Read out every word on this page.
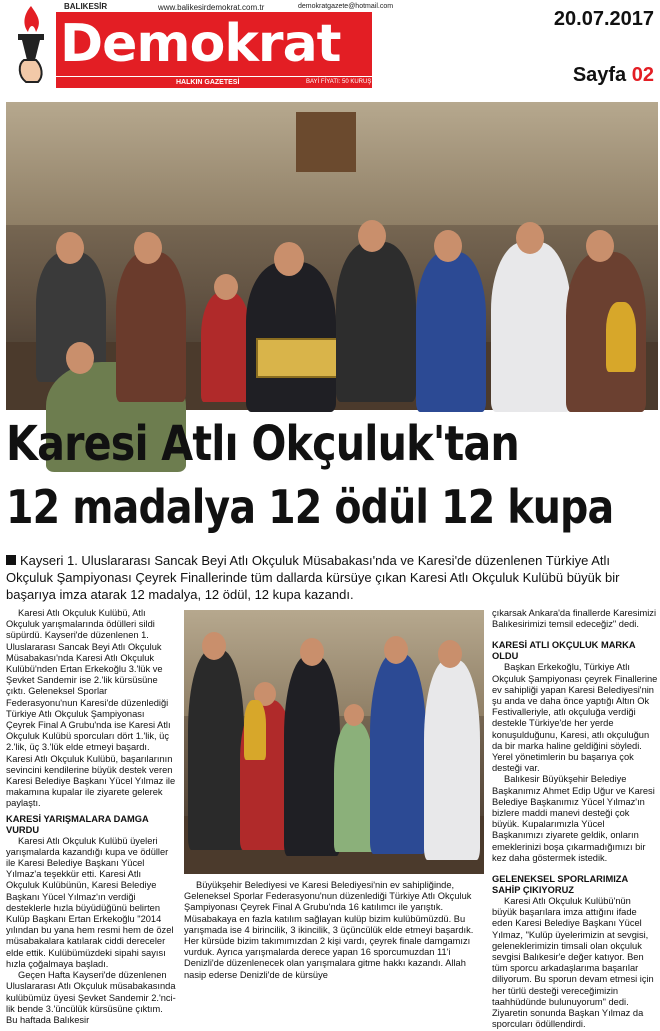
BALIKESİR	www.balikesirdemokrat.com.tr	demokratgazete@hotmail.com
Demokrat
HALKIN GAZETESİ	BAYİ FİYATI: 50 KURUŞ
20.07.2017
Sayfa 02
Karesi Atlı Okçuluk'tan
12 madalya 12 ödül 12 kupa
Kayseri 1. Uluslararası Sancak Beyi Atlı Okçuluk Müsabakası'nda ve Karesi'de düzenlenen Türkiye Atlı Okçuluk Şampiyonası Çeyrek Finallerinde tüm dallarda kürsüye çıkan Karesi Atlı Okçuluk Kulübü büyük bir başarıya imza atarak 12 madalya, 12 ödül, 12 kupa kazandı.

Karesi Atlı Okçuluk Kulübü, Atlı Okçuluk yarışmalarında ödülleri sildi süpürdü. Kayseri'de düzenlenen 1. Uluslararası Sancak Beyi Atlı Okçuluk Müsabakası'nda Karesi Atlı Okçuluk Kulübü'nden Ertan Erkekoğlu 3.'lük ve Şevket Sandemir ise 2.'lik kürsüsüne çıktı. Geleneksel Sporlar Federasyonu'nun Karesi'de düzenlediği Türkiye Atlı Okçuluk Şampiyonası Çeyrek Final A Grubu'nda ise Karesi Atlı Okçuluk Kulübü sporcuları dört 1.'lik, üç 2.'lik, üç 3.'lük elde etmeyi başardı. Karesi Atlı Okçuluk Kulübü, başarılarının sevincini kendilerine büyük destek veren Karesi Belediye Başkanı Yücel Yılmaz ile makamına kupalar ile ziyarete gelerek paylaştı.

KARESİ YARIŞMALARA DAMGA VURDU

Karesi Atlı Okçuluk Kulübü üyeleri yarışmalarda kazandığı kupa ve ödüller ile Karesi Belediye Başkanı Yücel Yılmaz'a teşekkür etti. Karesi Atlı Okçuluk Kulübünün, Karesi Belediye Başkanı Yücel Yılmaz'ın verdiği desteklerle hızla büyüdüğünü belirten Kulüp Başkanı Ertan Erkekoğlu "2014 yılından bu yana hem resmi hem de özel müsabakalara katılarak ciddi dereceler elde ettik. Kulübümüzdeki sipahi sayısı hızla çoğalmaya başladı.

Geçen Hafta Kayseri'de düzenlenen Uluslararası Atlı Okçuluk müsabakasında kulübümüz üyesi Şevket Sandemir 2.'ncilik bende 3.'üncülük kürsüsüne çıktım. Bu haftada Balıkesir

Büyükşehir Belediyesi ve Karesi Belediyesi'nin ev sahipliğinde, Geleneksel Sporlar Federasyonu'nun düzenlediği Türkiye Atlı Okçuluk Şampiyonası Çeyrek Final A Grubu'nda 16 katılımcı ile yarıştık. Müsabakaya en fazla katılım sağlayan kulüp bizim kulübümüzdü. Bu yarışmada ise 4 birincilik, 3 ikincilik, 3 üçüncülük elde etmeyi başardık. Her kürsüde bizim takımımızdan 2 kişi vardı, çeyrek finale damgamızı vurduk. Ayrıca yarışmalarda derece yapan 16 sporcumuzdan 11'i Denizli'de düzenlenecek olan yarışmalara gitme hakkı kazandı. Allah nasip ederse Denizli'de de kürsüye

çıkarsak Ankara'da finallerde Karesimizi Balıkesirimizi temsil edeceğiz" dedi.

KARESİ ATLI OKÇULUK MARKA OLDU

Başkan Erkekoğlu, Türkiye Atlı Okçuluk Şampiyonası çeyrek Finallerine ev sahipliği yapan Karesi Belediyesi'nin şu anda ve daha önce yaptığı Altın Ok Festivalleriyle, atlı okçuluğa verdiği destekle Türkiye'de her yerde konuşulduğunu, Karesi, atlı okçuluğun da bir marka haline geldiğini söyledi. Yerel yönetimlerin bu başarıya çok desteği var.

Balıkesir Büyükşehir Belediye Başkanımız Ahmet Edip Uğur ve Karesi Belediye Başkanımız Yücel Yılmaz'ın bizlere maddi manevi desteği çok büyük. Kupalarımızla Yücel Başkanımızı ziyarete geldik, onların emeklerinizi boşa çıkarmadığımızı bir kez daha göstermek istedik.

GELENEKSEL SPORLARIMIZA SAHİP ÇIKIYORUZ

Karesi Atlı Okçuluk Kulübü'nün büyük başarılara imza attığını ifade eden Karesi Belediye Başkanı Yücel Yılmaz, "Kulüp üyelerimizin at sevgisi, geleneklerimizin timsali olan okçuluk sevgisi Balıkesir'e değer katıyor. Ben tüm sporcu arkadaşlarıma başarılar diliyorum. Bu sporun devam etmesi için her türlü desteği vereceğimizin taahhüdünde bulunuyorum" dedi. Ziyaretin sonunda Başkan Yılmaz da sporcuları ödüllendirdi.
